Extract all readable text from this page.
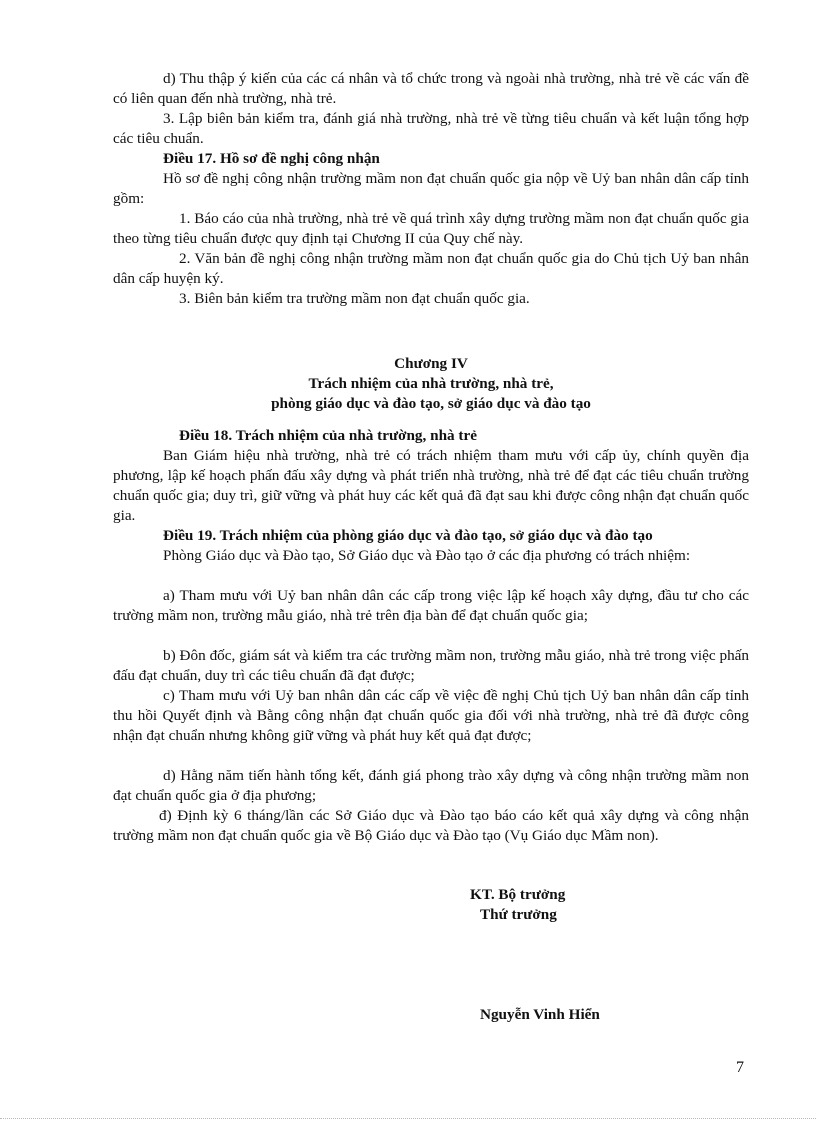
d) Thu thập ý kiến của các cá nhân và tổ chức trong và ngoài nhà trường, nhà trẻ về các vấn đề có liên quan đến nhà trường, nhà trẻ.
3. Lập biên bản kiểm tra, đánh giá nhà trường, nhà trẻ về từng tiêu chuẩn và kết luận tổng hợp các tiêu chuẩn.
Điều 17. Hồ sơ đề nghị công nhận
Hồ sơ đề nghị công nhận trường mầm non đạt chuẩn quốc gia nộp về Uỷ ban nhân dân cấp tỉnh gồm:
1. Báo cáo của nhà trường, nhà trẻ về quá trình xây dựng trường mầm non đạt chuẩn quốc gia theo từng tiêu chuẩn được quy định tại Chương II của Quy chế này.
2. Văn bản đề nghị công nhận trường mầm non đạt chuẩn quốc gia do Chủ tịch Uỷ ban nhân dân cấp huyện ký.
3. Biên bản kiểm tra trường mầm non đạt chuẩn quốc gia.
Chương IV
Trách nhiệm của nhà trường, nhà trẻ,
phòng giáo dục và đào tạo, sở giáo dục và đào tạo
Điều 18. Trách nhiệm của nhà trường, nhà trẻ
Ban Giám hiệu nhà trường, nhà trẻ có trách nhiệm tham mưu với cấp ủy, chính quyền địa phương, lập kế hoạch phấn đấu xây dựng và phát triển nhà trường, nhà trẻ để đạt các tiêu chuẩn trường chuẩn quốc gia; duy trì, giữ vững và phát huy các kết quả đã đạt sau khi được công nhận đạt chuẩn quốc gia.
Điều 19. Trách nhiệm của phòng giáo dục và đào tạo, sở giáo dục và đào tạo
Phòng Giáo dục và Đào tạo, Sở Giáo dục và Đào tạo ở các địa phương có trách nhiệm:
a) Tham mưu với Uỷ ban nhân dân các cấp trong việc lập kế hoạch xây dựng, đầu tư cho các trường mầm non, trường mẫu giáo, nhà trẻ trên địa bàn để đạt chuẩn quốc gia;
b) Đôn đốc, giám sát và kiểm tra các trường mầm non, trường mẫu giáo, nhà trẻ trong việc phấn đấu đạt chuẩn, duy trì các tiêu chuẩn đã đạt được;
c) Tham mưu với Uỷ ban nhân dân các cấp về việc đề nghị Chủ tịch Uỷ ban nhân dân cấp tỉnh thu hồi Quyết định và Bằng công nhận đạt chuẩn quốc gia đối với nhà trường, nhà trẻ đã được công nhận đạt chuẩn nhưng không giữ vững và phát huy kết quả đạt được;
d) Hằng năm tiến hành tổng kết, đánh giá phong trào xây dựng và công nhận trường mầm non đạt chuẩn quốc gia ở địa phương;
đ) Định kỳ 6 tháng/lần các Sở Giáo dục và Đào tạo báo cáo kết quả xây dựng và công nhận trường mầm non đạt chuẩn quốc gia về Bộ Giáo dục và Đào tạo (Vụ Giáo dục Mầm non).
KT. Bộ trưởng
Thứ trưởng
Nguyễn Vinh Hiển
7
